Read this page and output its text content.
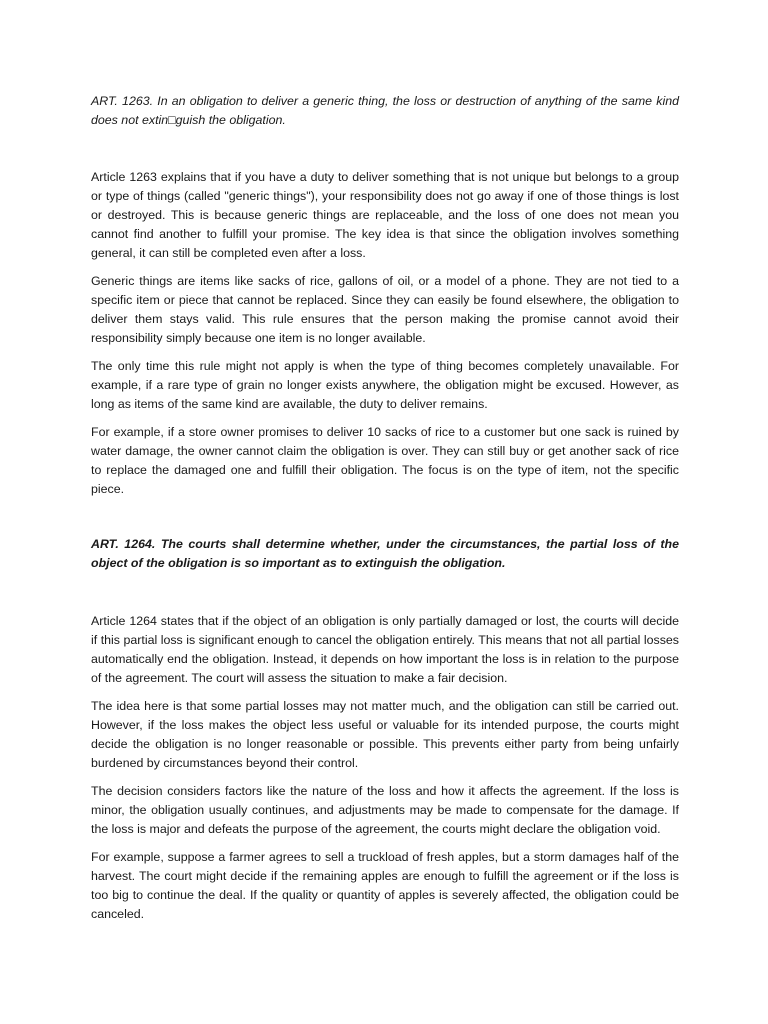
ART. 1263. In an obligation to deliver a generic thing, the loss or destruction of anything of the same kind does not extin□guish the obligation.

Article 1263 explains that if you have a duty to deliver something that is not unique but belongs to a group or type of things (called "generic things"), your responsibility does not go away if one of those things is lost or destroyed. This is because generic things are replaceable, and the loss of one does not mean you cannot find another to fulfill your promise. The key idea is that since the obligation involves something general, it can still be completed even after a loss.

Generic things are items like sacks of rice, gallons of oil, or a model of a phone. They are not tied to a specific item or piece that cannot be replaced. Since they can easily be found elsewhere, the obligation to deliver them stays valid. This rule ensures that the person making the promise cannot avoid their responsibility simply because one item is no longer available.

The only time this rule might not apply is when the type of thing becomes completely unavailable. For example, if a rare type of grain no longer exists anywhere, the obligation might be excused. However, as long as items of the same kind are available, the duty to deliver remains.

For example, if a store owner promises to deliver 10 sacks of rice to a customer but one sack is ruined by water damage, the owner cannot claim the obligation is over. They can still buy or get another sack of rice to replace the damaged one and fulfill their obligation. The focus is on the type of item, not the specific piece.

ART. 1264. The courts shall determine whether, under the circumstances, the partial loss of the object of the obligation is so important as to extinguish the obligation.

Article 1264 states that if the object of an obligation is only partially damaged or lost, the courts will decide if this partial loss is significant enough to cancel the obligation entirely. This means that not all partial losses automatically end the obligation. Instead, it depends on how important the loss is in relation to the purpose of the agreement. The court will assess the situation to make a fair decision.

The idea here is that some partial losses may not matter much, and the obligation can still be carried out. However, if the loss makes the object less useful or valuable for its intended purpose, the courts might decide the obligation is no longer reasonable or possible. This prevents either party from being unfairly burdened by circumstances beyond their control.

The decision considers factors like the nature of the loss and how it affects the agreement. If the loss is minor, the obligation usually continues, and adjustments may be made to compensate for the damage. If the loss is major and defeats the purpose of the agreement, the courts might declare the obligation void.

For example, suppose a farmer agrees to sell a truckload of fresh apples, but a storm damages half of the harvest. The court might decide if the remaining apples are enough to fulfill the agreement or if the loss is too big to continue the deal. If the quality or quantity of apples is severely affected, the obligation could be canceled.
